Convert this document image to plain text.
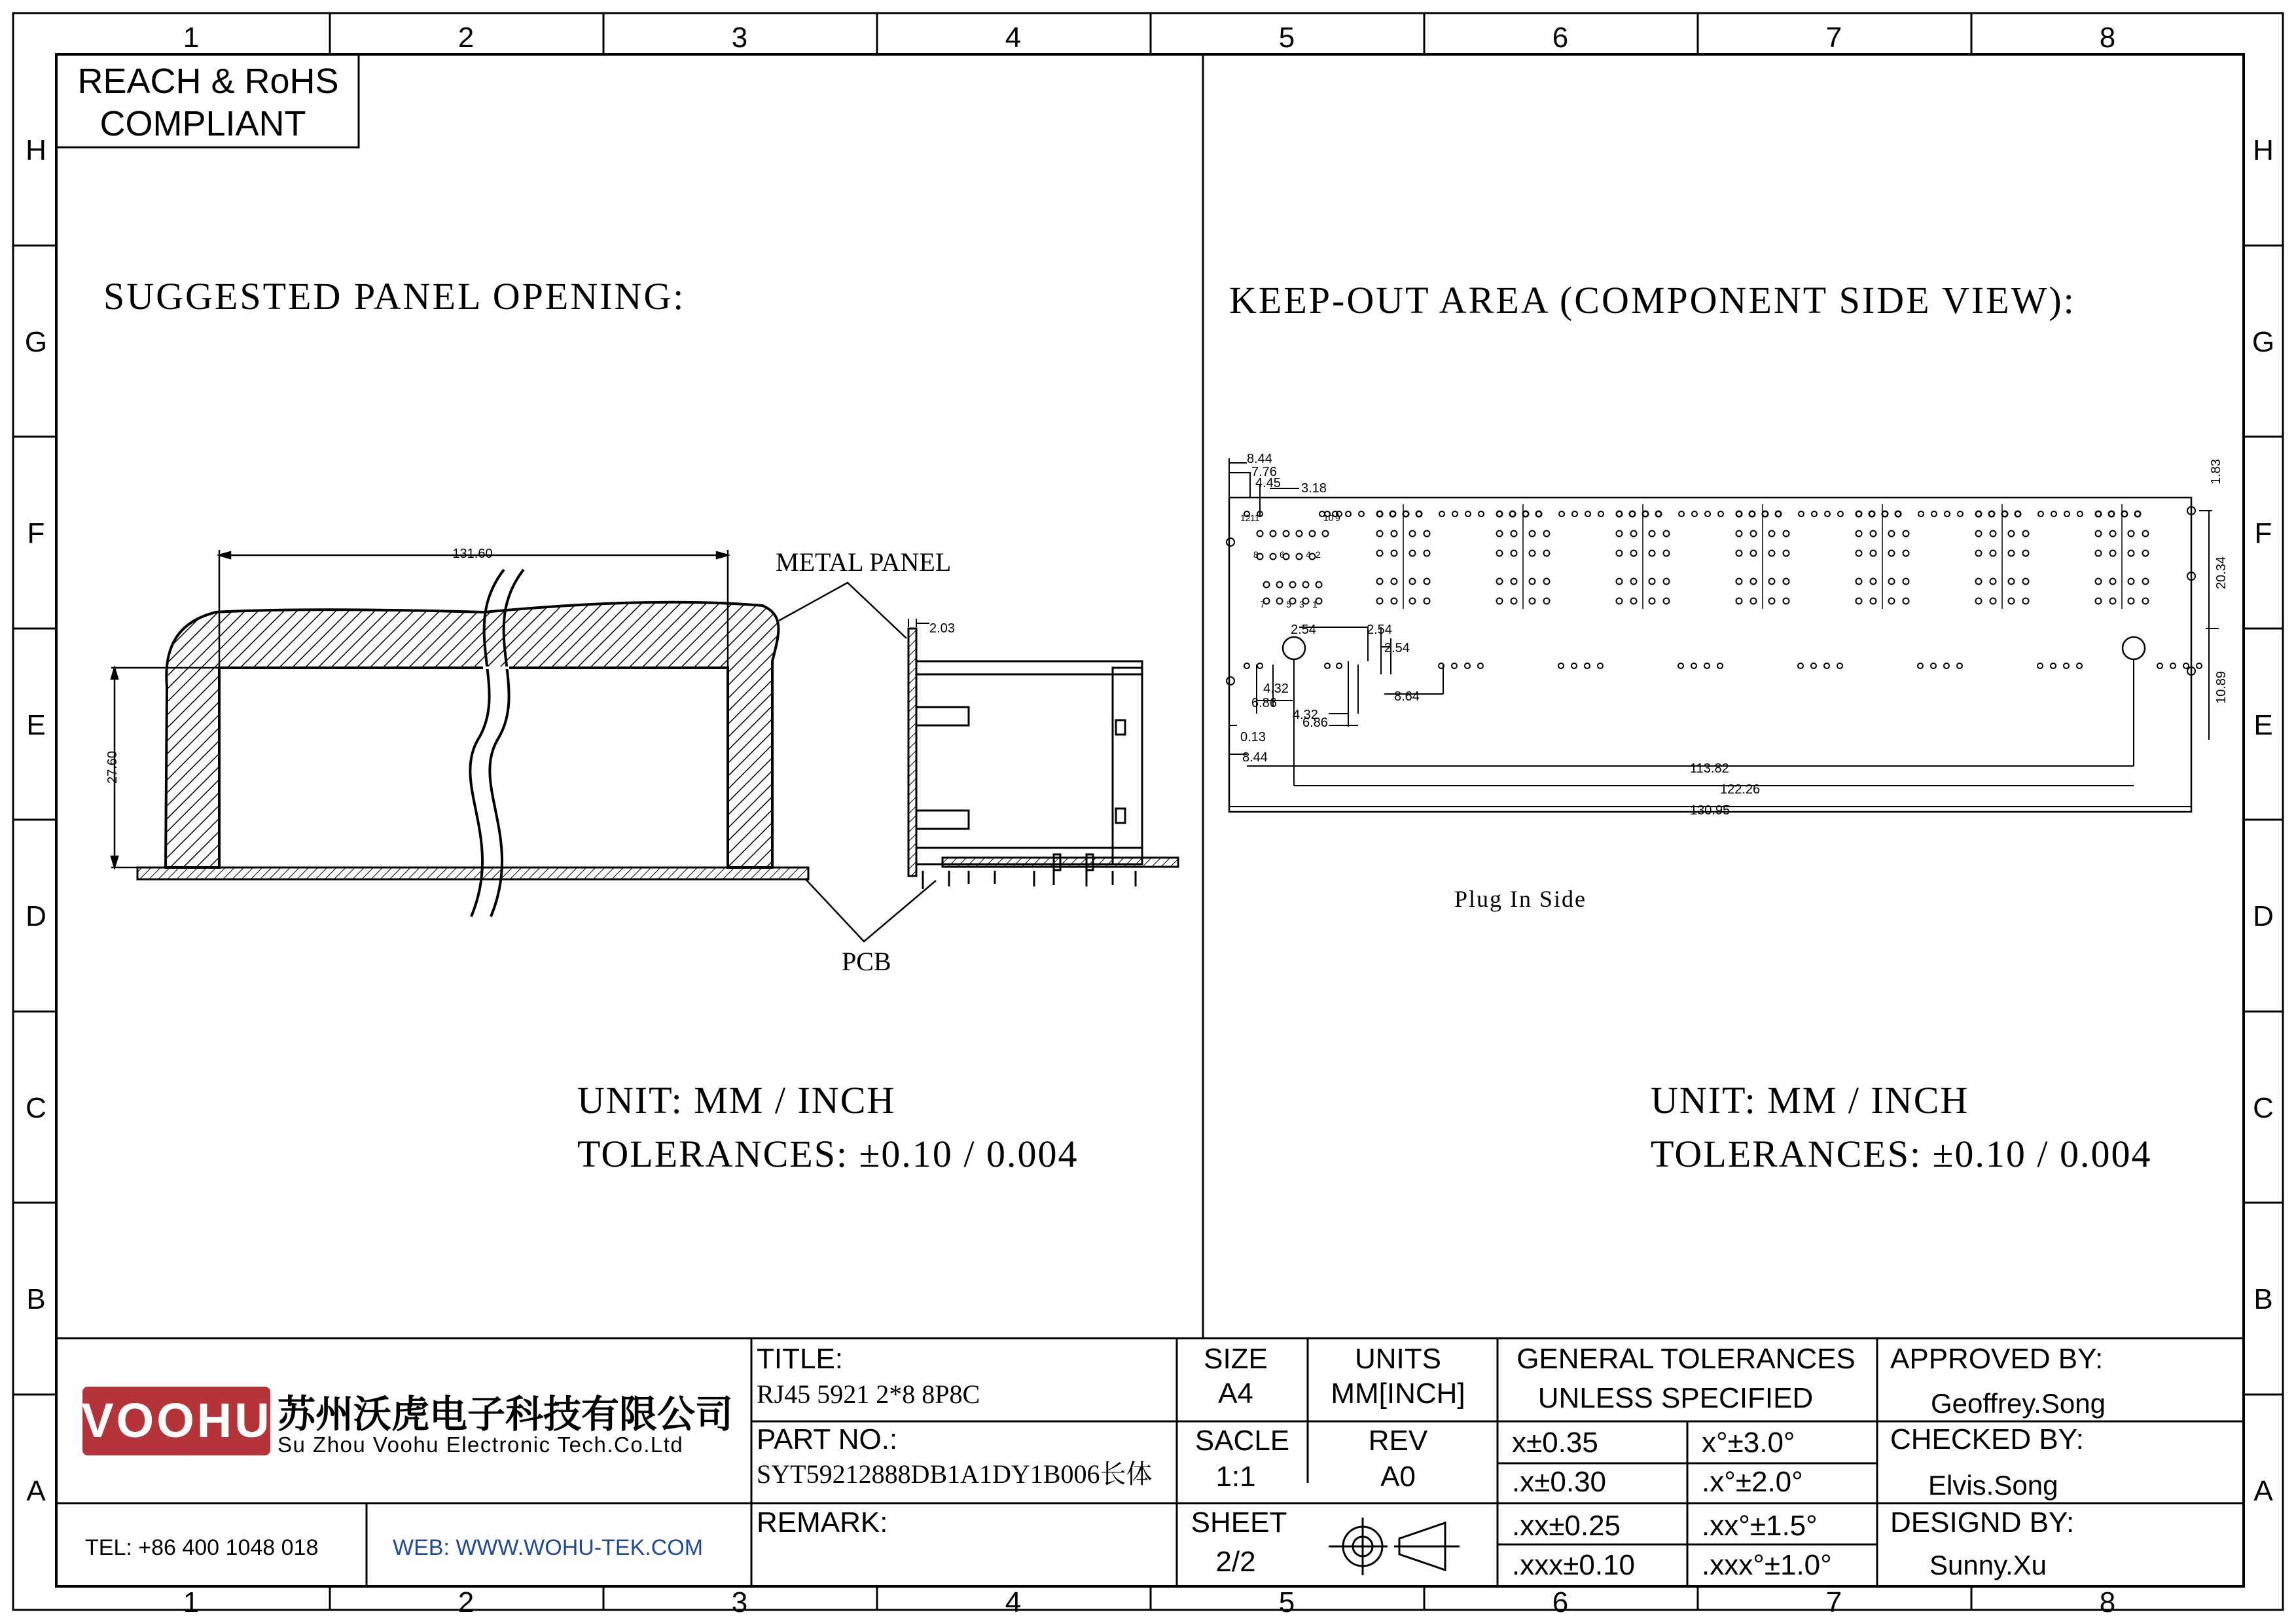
1	2	3	4	5	6	7	8
1	2	3	4	5	6	7	8
H
G
F
E
D
C
B
A
H
G
F
E
D
C
B
A
REACH & RoHS
COMPLIANT
SUGGESTED PANEL OPENING:
131.60
27.60
METAL PANEL
PCB
2.03
UNIT: MM / INCH
TOLERANCES: ±0.10 / 0.004
KEEP-OUT AREA (COMPONENT SIDE VIEW):
8.44
7.76
4.45 3.18
2.54	2.54
2.54
4.32
6.86
4.32
6.86
8.64
0.13
8.44
113.82
122.26
130.95
1.83
20.34
10.89
12 11	10 9
8 6 4 2
7 5 3 1
Plug In Side
UNIT: MM / INCH
TOLERANCES: ±0.10 / 0.004
VOOHU 苏州沃虎电子科技有限公司
Su Zhou Voohu Electronic Tech.Co.Ltd
TEL: +86 400 1048 018	WEB: WWW.WOHU-TEK.COM
TITLE:
RJ45 5921 2*8 8P8C
PART NO.:
SYT59212888DB1A1DY1B006长体
REMARK:
SIZE
A4
UNITS
MM[INCH]
SACLE
1:1
REV
A0
SHEET
2/2
GENERAL TOLERANCES
UNLESS SPECIFIED
x±0.35	x°±3.0°
.x±0.30	.x°±2.0°
.xx±0.25	.xx°±1.5°
.xxx±0.10 .xxx°±1.0°
APPROVED BY:
Geoffrey.Song
CHECKED BY:
Elvis.Song
DESIGND BY:
Sunny.Xu
